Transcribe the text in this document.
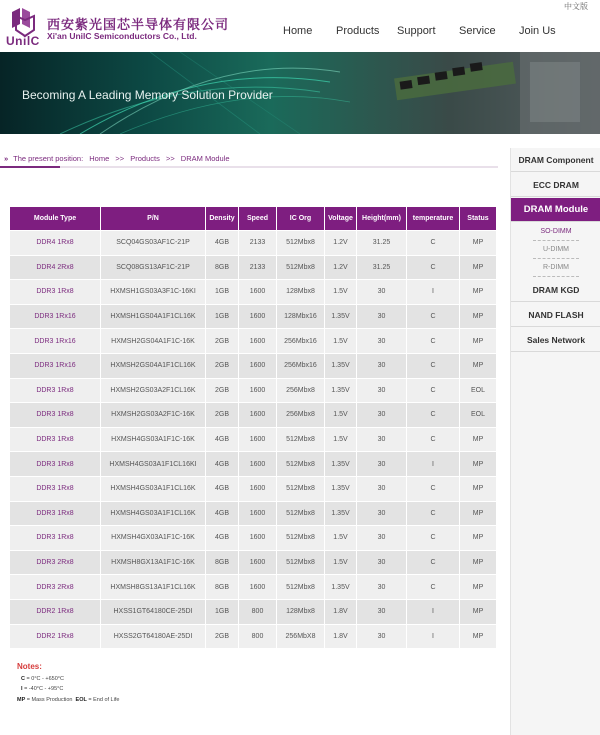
UnilC
西安紫光国芯半导体有限公司
Xi'an UnilC Semiconductors Co., Ltd.
中文版
Home Products Support Service Join Us
Becoming A Leading Memory Solution Provider
» The present position: Home >> Products >> DRAM Module
Module Type	P/N	Density	Speed	IC Org	Voltage	Height(mm)	temperature	Status
DDR4 1Rx8	SCQ04GS03AF1C-21P	4GB	2133	512Mbx8	1.2V	31.25	C	MP
DDR4 2Rx8	SCQ08GS13AF1C-21P	8GB	2133	512Mbx8	1.2V	31.25	C	MP
DDR3 1Rx8	HXMSH1GS03A3F1C-16KI	1GB	1600	128Mbx8	1.5V	30	I	MP
DDR3 1Rx16	HXMSH1GS04A1F1CL16K	1GB	1600	128Mbx16	1.35V	30	C	MP
DDR3 1Rx16	HXMSH2GS04A1F1C-16K	2GB	1600	256Mbx16	1.5V	30	C	MP
DDR3 1Rx16	HXMSH2GS04A1F1CL16K	2GB	1600	256Mbx16	1.35V	30	C	MP
DDR3 1Rx8	HXMSH2GS03A2F1CL16K	2GB	1600	256Mbx8	1.35V	30	C	EOL
DDR3 1Rx8	HXMSH2GS03A2F1C-16K	2GB	1600	256Mbx8	1.5V	30	C	EOL
DDR3 1Rx8	HXMSH4GS03A1F1C-16K	4GB	1600	512Mbx8	1.5V	30	C	MP
DDR3 1Rx8	HXMSH4GS03A1F1CL16KI	4GB	1600	512Mbx8	1.35V	30	I	MP
DDR3 1Rx8	HXMSH4GS03A1F1CL16K	4GB	1600	512Mbx8	1.35V	30	C	MP
DDR3 1Rx8	HXMSH4GS03A1F1CL16K	4GB	1600	512Mbx8	1.35V	30	C	MP
DDR3 1Rx8	HXMSH4GX03A1F1C-16K	4GB	1600	512Mbx8	1.5V	30	C	MP
DDR3 2Rx8	HXMSH8GX13A1F1C-16K	8GB	1600	512Mbx8	1.5V	30	C	MP
DDR3 2Rx8	HXMSH8GS13A1F1CL16K	8GB	1600	512Mbx8	1.35V	30	C	MP
DDR2 1Rx8	HXSS1GT64180CE-25DI	1GB	800	128Mbx8	1.8V	30	I	MP
DDR2 1Rx8	HXSS2GT64180AE-25DI	2GB	800	256MbX8	1.8V	30	I	MP
Notes:
C = 0°C - +650°C
I = -40°C - +95°C
MP = Mass Production EOL = End of Life
DRAM Component
ECC DRAM
DRAM Module
SO-DIMM
U-DIMM
R-DIMM
DRAM KGD
NAND FLASH
Sales Network
